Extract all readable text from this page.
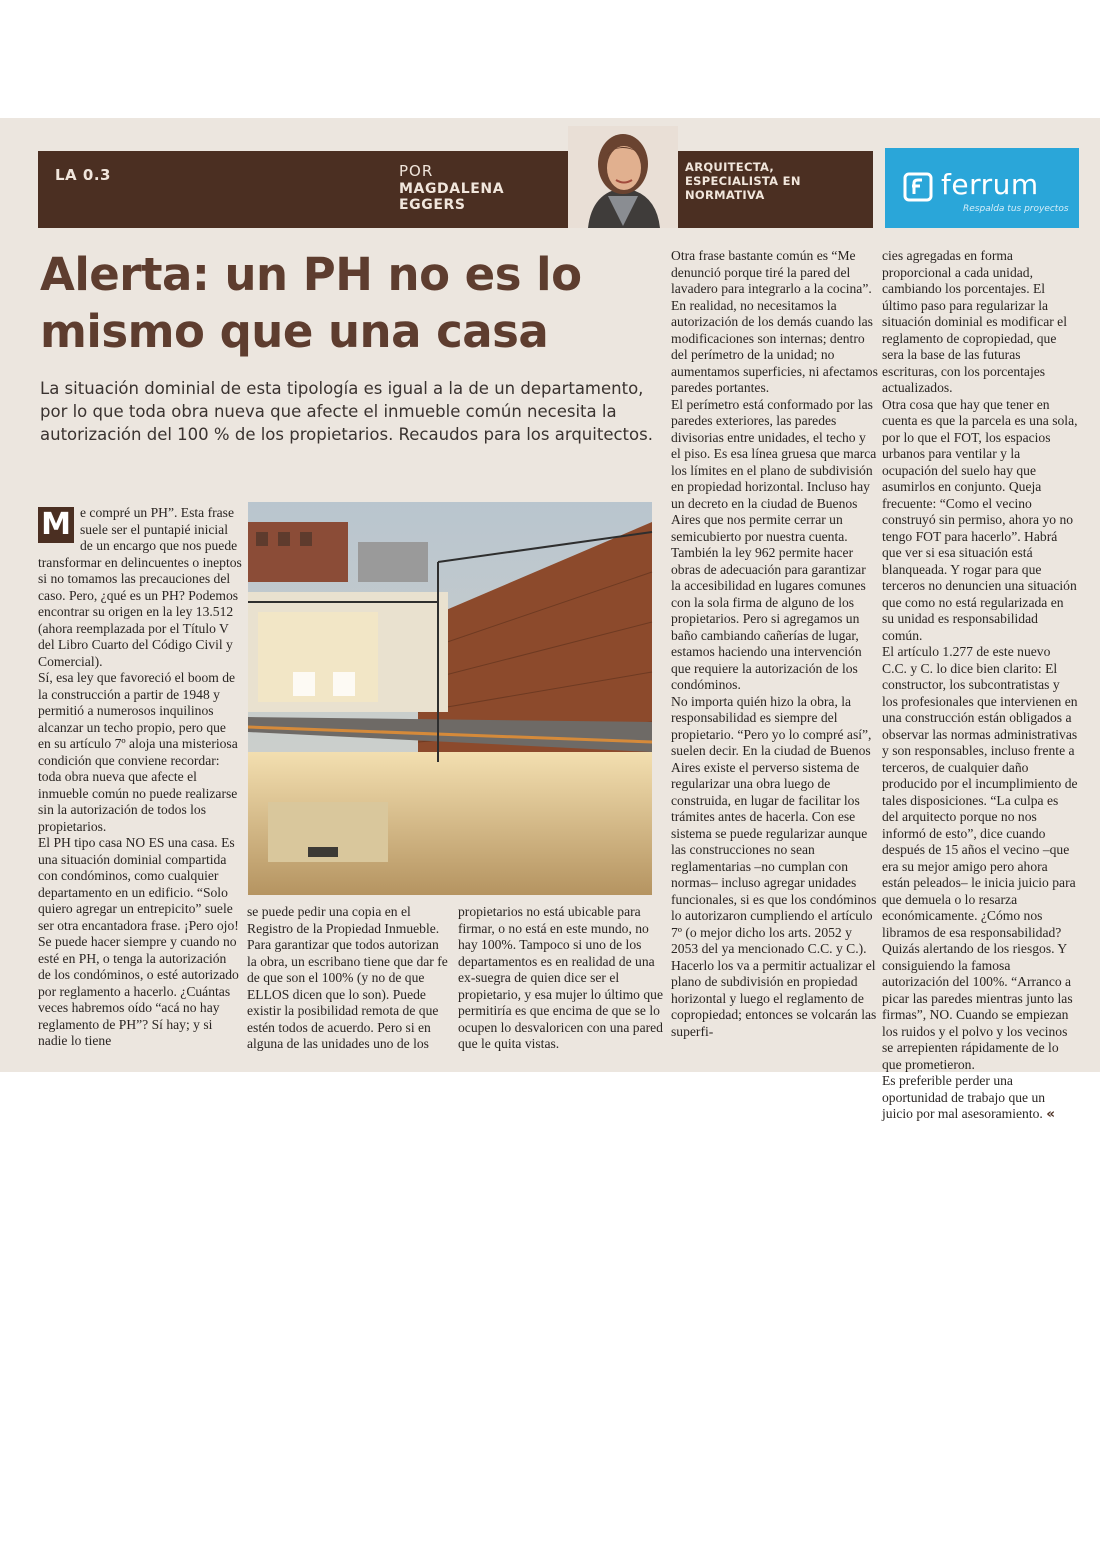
LA 0.3	POR
MAGDALENA EGGERS
ARQUITECTA, ESPECIALISTA EN NORMATIVA	ferrum
Respalda tus proyectos
Alerta: un PH no es lo mismo que una casa
La situación dominial de esta tipología es igual a la de un departamento, por lo que toda obra nueva que afecte el inmueble común necesita la autorización del 100 % de los propietarios. Recaudos para los arquitectos.

M e compré un PH”. Esta frase suele ser el puntapié inicial de un encargo que nos puede transformar en delincuentes o ineptos si no tomamos las precauciones del caso. Pero, ¿qué es un PH? Podemos encontrar su origen en la ley 13.512 (ahora reemplazada por el Título V del Libro Cuarto del Código Civil y Comercial).

Sí, esa ley que favoreció el boom de la construcción a partir de 1948 y permitió a numerosos inquilinos alcanzar un techo propio, pero que en su artículo 7º aloja una misteriosa condición que conviene recordar: toda obra nueva que afecte el inmueble común no puede realizarse sin la autorización de todos los propietarios.

El PH tipo casa NO ES una casa. Es una situación dominial compartida con condóminos, como cualquier departamento en un edificio. “Solo quiero agregar un entrepicito” suele ser otra encantadora frase. ¡Pero ojo! Se puede hacer siempre y cuando no esté en PH, o tenga la autorización de los condóminos, o esté autorizado por reglamento a hacerlo. ¿Cuántas veces habremos oído “acá no hay reglamento de PH”? Sí hay; y si nadie lo tiene

se puede pedir una copia en el Registro de la Propiedad Inmueble. Para garantizar que todos autorizan la obra, un escribano tiene que dar fe de que son el 100% (y no de que ELLOS dicen que lo son). Puede existir la posibilidad remota de que estén todos de acuerdo. Pero si en alguna de las unidades uno de los

propietarios no está ubicable para firmar, o no está en este mundo, no hay 100%. Tampoco si uno de los departamentos es en realidad de una ex-suegra de quien dice ser el propietario, y esa mujer lo último que permitiría es que encima de que se lo ocupen lo desvaloricen con una pared que le quita vistas.

Otra frase bastante común es “Me denunció porque tiré la pared del lavadero para integrarlo a la cocina”. En realidad, no necesitamos la autorización de los demás cuando las modificaciones son internas; dentro del perímetro de la unidad; no aumentamos superficies, ni afectamos paredes portantes.

El perímetro está conformado por las paredes exteriores, las paredes divisorias entre unidades, el techo y el piso. Es esa línea gruesa que marca los límites en el plano de subdivisión en propiedad horizontal. Incluso hay un decreto en la ciudad de Buenos Aires que nos permite cerrar un semicubierto por nuestra cuenta. También la ley 962 permite hacer obras de adecuación para garantizar la accesibilidad en lugares comunes con la sola firma de alguno de los propietarios. Pero si agregamos un baño cambiando cañerías de lugar, estamos haciendo una intervención que requiere la autorización de los condóminos.

No importa quién hizo la obra, la responsabilidad es siempre del propietario. “Pero yo lo compré así”, suelen decir. En la ciudad de Buenos Aires existe el perverso sistema de regularizar una obra luego de construida, en lugar de facilitar los trámites antes de hacerla. Con ese sistema se puede regularizar aunque las construcciones no sean reglamentarias –no cumplan con normas– incluso agregar unidades funcionales, si es que los condóminos lo autorizaron cumpliendo el artículo 7º (o mejor dicho los arts. 2052 y 2053 del ya mencionado C.C. y C.). Hacerlo los va a permitir actualizar el plano de subdivisión en propiedad horizontal y luego el reglamento de copropiedad; entonces se volcarán las superfi-

cies agregadas en forma proporcional a cada unidad, cambiando los porcentajes. El último paso para regularizar la situación dominial es modificar el reglamento de copropiedad, que sera la base de las futuras escrituras, con los porcentajes actualizados.

Otra cosa que hay que tener en cuenta es que la parcela es una sola, por lo que el FOT, los espacios urbanos para ventilar y la ocupación del suelo hay que asumirlos en conjunto. Queja frecuente: “Como el vecino construyó sin permiso, ahora yo no tengo FOT para hacerlo”. Habrá que ver si esa situación está blanqueada. Y rogar para que terceros no denuncien una situación que como no está regularizada en su unidad es responsabilidad común.

El artículo 1.277 de este nuevo C.C. y C. lo dice bien clarito: El constructor, los subcontratistas y los profesionales que intervienen en una construcción están obligados a observar las normas administrativas y son responsables, incluso frente a terceros, de cualquier daño producido por el incumplimiento de tales disposiciones. “La culpa es del arquitecto porque no nos informó de esto”, dice cuando después de 15 años el vecino –que era su mejor amigo pero ahora están peleados– le inicia juicio para que demuela o lo resarza económicamente. ¿Cómo nos libramos de esa responsabilidad? Quizás alertando de los riesgos. Y consiguiendo la famosa autorización del 100%. “Arranco a picar las paredes mientras junto las firmas”, NO. Cuando se empiezan los ruidos y el polvo y los vecinos se arrepienten rápidamente de lo que prometieron.

Es preferible perder una oportunidad de trabajo que un juicio por mal asesoramiento. «
